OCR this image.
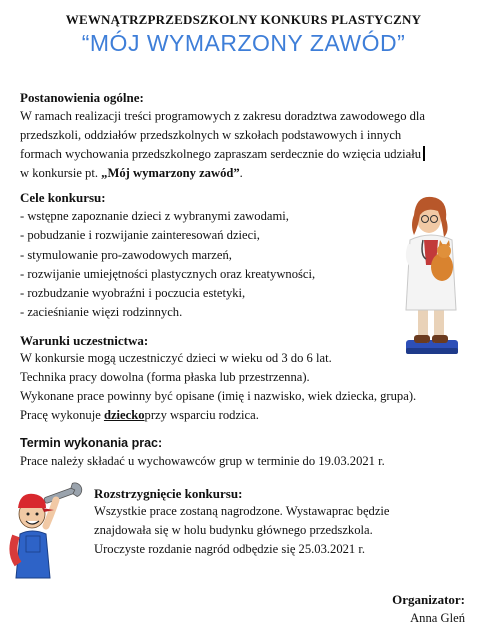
WEWNĄTRZPRZEDSZKOLNY KONKURS PLASTYCZNY
“MÓJ WYMARZONY ZAWÓD”
Postanowienia ogólne:
W ramach realizacji treści programowych z zakresu doradztwa zawodowego dla
przedszkoli, oddziałów przedszkolnych w szkołach podstawowych i innych
formach wychowania przedszkolnego zapraszam serdecznie do wzięcia udziału
w konkursie pt. „Mój wymarzony zawód”.
Cele konkursu:
- wstępne zapoznanie dzieci z wybranymi zawodami,
- pobudzanie i rozwijanie zainteresowań dzieci,
- stymulowanie pro-zawodowych marzeń,
- rozwijanie umiejętności plastycznych oraz kreatywności,
- rozbudzanie wyobraźni i poczucia estetyki,
- zacieśnianie więzi rodzinnych.
Warunki uczestnictwa:
W konkursie mogą uczestniczyć dzieci w wieku od 3 do 6 lat.
Technika pracy dowolna (forma płaska lub przestrzenna).
Wykonane prace powinny być opisane (imię i nazwisko, wiek dziecka, grupa).
Pracę wykonuje dzieckoprzy wsparciu rodzica.
Termin wykonania prac:
Prace należy składać u wychowawców grup w terminie do 19.03.2021 r.
Rozstrzygnięcie konkursu:
Wszystkie prace zostaną nagrodzone. Wystawaprac będzie
znajdowała się w holu budynku głównego przedszkola.
Uroczyste rozdanie nagród odbędzie się 25.03.2021 r.
Organizator:
Anna Gleń
